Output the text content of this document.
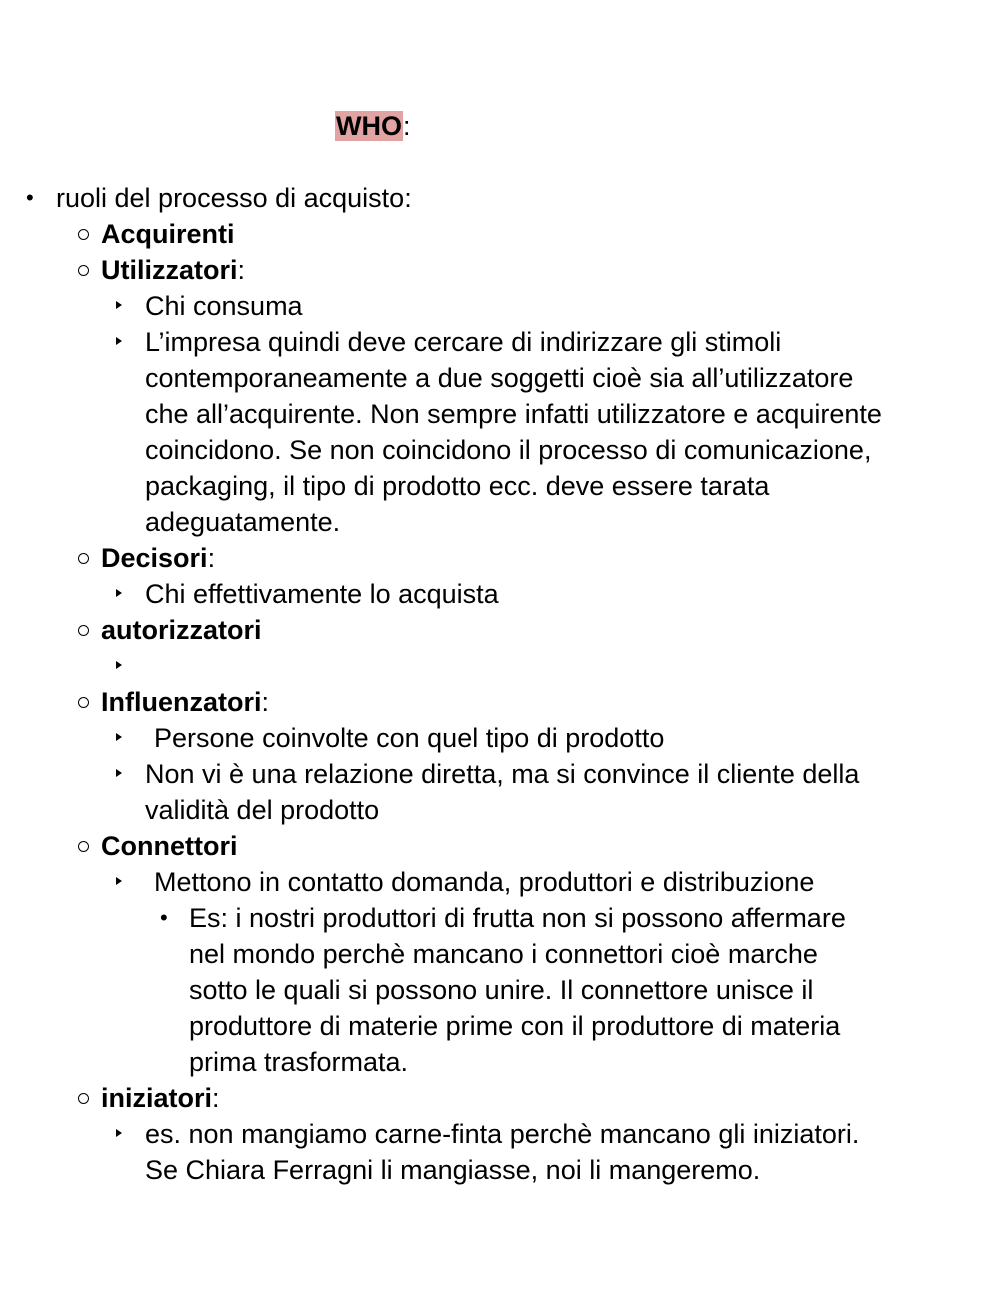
WHO:
• ruoli del processo di acquisto:
Acquirenti
Utilizzatori:
Chi consuma
L’impresa quindi deve cercare di indirizzare gli stimoli
contemporaneamente a due soggetti cioè sia all’utilizzatore
che all’acquirente. Non sempre infatti utilizzatore e acquirente
coincidono. Se non coincidono il processo di comunicazione,
packaging, il tipo di prodotto ecc. deve essere tarata
adeguatamente.
Decisori:
Chi effettivamente lo acquista
autorizzatori
Influenzatori:
Persone coinvolte con quel tipo di prodotto
Non vi è una relazione diretta, ma si convince il cliente della
validità del prodotto
Connettori
Mettono in contatto domanda, produttori e distribuzione
• Es: i nostri produttori di frutta non si possono affermare
nel mondo perchè mancano i connettori cioè marche
sotto le quali si possono unire. Il connettore unisce il
produttore di materie prime con il produttore di materia
prima trasformata.
iniziatori:
es. non mangiamo carne-finta perchè mancano gli iniziatori.
Se Chiara Ferragni li mangiasse, noi li mangeremo.
